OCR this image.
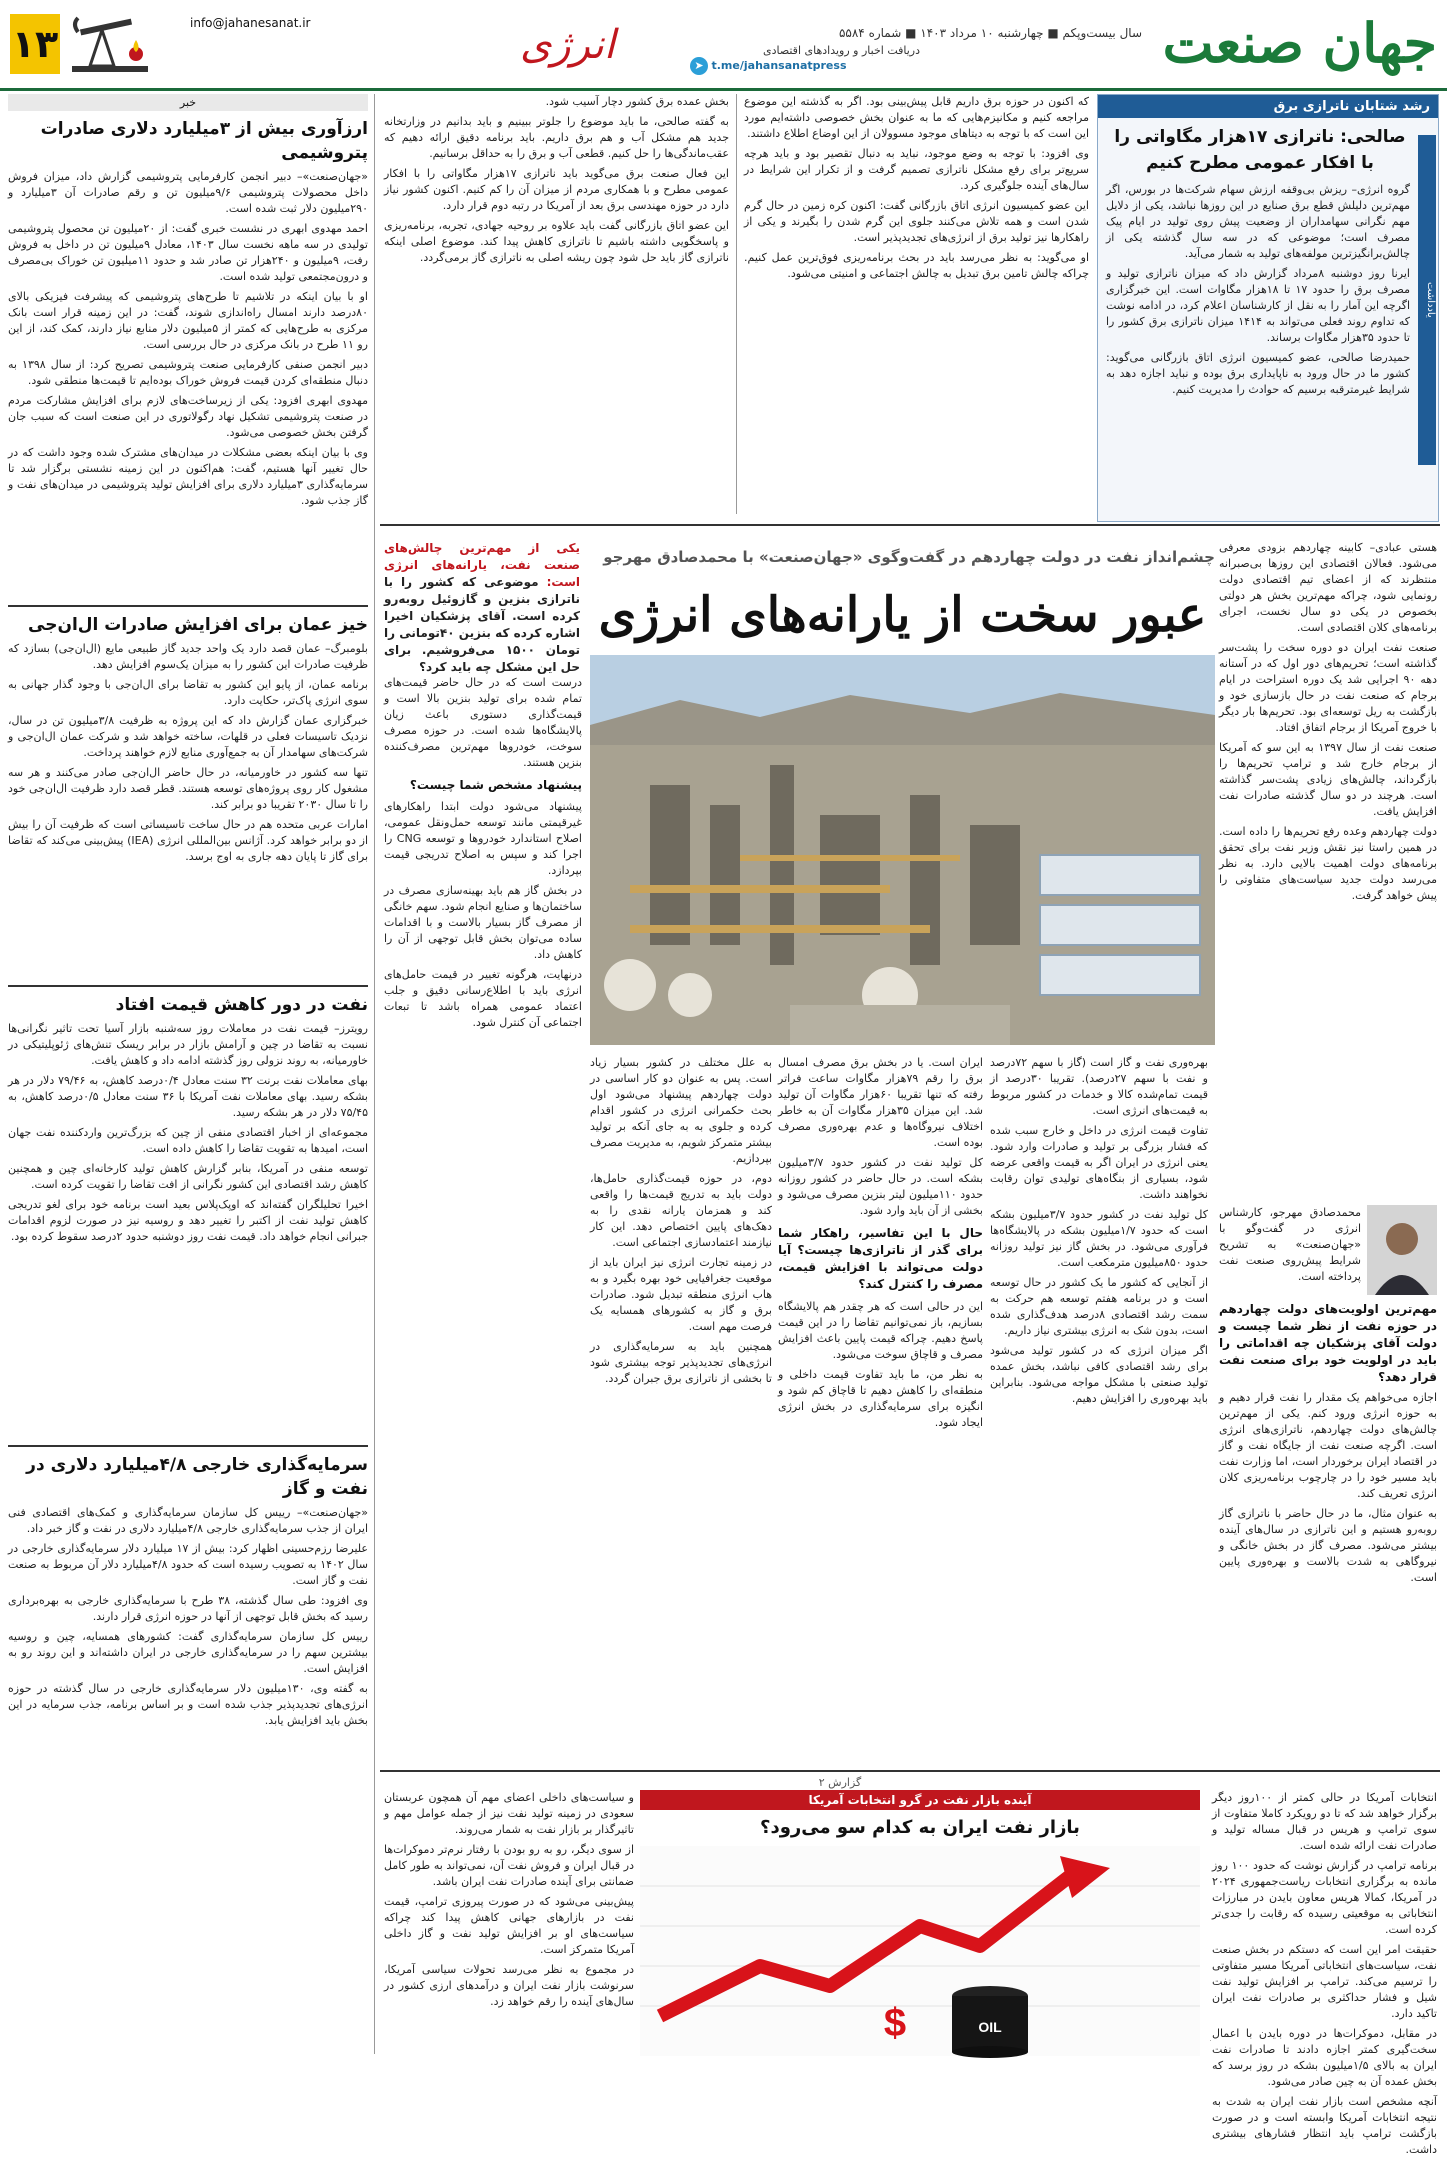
جهان صنعت
سال بیست‌وپکم ■ چهارشنبه ۱۰ مرداد ۱۴۰۳ ■ شماره ۵۵۸۴
انرژی	دریافت اخبار و رویدادهای اقتصادی
➤ t.me/jahansanatpress
info@jahanesanat.ir
۱۳
رشد شتابان ناترازی برق
صالحی: ناترازی ۱۷هزار مگاواتی را با افکار عمومی مطرح کنیم
یادداشت

گروه انرژی– ریزش بی‌وقفه ارزش سهام شرکت‌ها در بورس، اگر مهم‌ترین دلیلش قطع برق صنایع در این روزها نباشد، یکی از دلایل مهم نگرانی سهامداران از وضعیت پیش روی تولید در ایام پیک مصرف است؛ موضوعی که در سه سال گذشته یکی از چالش‌برانگیزترین مولفه‌های تولید به شمار می‌آید.

ایرنا روز دوشنبه ۸مرداد گزارش داد که میزان ناترازی تولید و مصرف برق را حدود ۱۷ تا ۱۸هزار مگاوات است. این خبرگزاری اگرچه این آمار را به نقل از کارشناسان اعلام کرد، در ادامه نوشت که تداوم روند فعلی می‌تواند به ۱۴۱۴ میزان ناترازی برق کشور را تا حدود ۳۵هزار مگاوات برساند.

حمیدرضا صالحی، عضو کمیسیون انرژی اتاق بازرگانی می‌گوید: کشور ما در حال ورود به ناپایداری برق بوده و نباید اجازه دهد به شرایط غیرمترقبه برسیم که حوادث را مدیریت کنیم.

که اکنون در حوزه برق داریم قابل پیش‌بینی بود. اگر به گذشته این موضوع مراجعه کنیم و مکانیزم‌هایی که ما به عنوان بخش خصوصی داشته‌ایم مورد این است که با توجه به دیتاهای موجود مسوولان از این اوضاع اطلاع داشتند.

وی افزود: با توجه به وضع موجود، نباید به دنبال تقصیر بود و باید هرچه سریع‌تر برای رفع مشکل ناترازی تصمیم گرفت و از تکرار این شرایط در سال‌های آینده جلوگیری کرد.

این عضو کمیسیون انرژی اتاق بازرگانی گفت: اکنون کره زمین در حال گرم شدن است و همه تلاش می‌کنند جلوی این گرم شدن را بگیرند و یکی از راهکارها نیز تولید برق از انرژی‌های تجدیدپذیر است.

او می‌گوید: به نظر می‌رسد باید در بحث برنامه‌ریزی فوق‌ترین عمل کنیم. چراکه چالش تامین برق تبدیل به چالش اجتماعی و امنیتی می‌شود.

بخش عمده برق کشور دچار آسیب شود.

به گفته صالحی، ما باید موضوع را جلوتر ببینیم و باید بدانیم در وزارتخانه جدید هم مشکل آب و هم برق داریم. باید برنامه دقیق ارائه دهیم که عقب‌ماندگی‌ها را حل کنیم. قطعی آب و برق را به حداقل برسانیم.

این فعال صنعت برق می‌گوید باید ناترازی ۱۷هزار مگاواتی را با افکار عمومی مطرح و با همکاری مردم از میزان آن را کم کنیم. اکنون کشور نیاز دارد در حوزه مهندسی برق بعد از آمریکا در رتبه دوم قرار دارد.

این عضو اتاق بازرگانی گفت باید علاوه بر روحیه جهادی، تجربه، برنامه‌ریزی و پاسخگویی داشته باشیم تا ناترازی کاهش پیدا کند. موضوع اصلی اینکه ناترازی گاز باید حل شود چون ریشه اصلی به ناترازی گاز برمی‌گردد.

خبر
ارزآوری بیش از ۳میلیارد دلاری صادرات پتروشیمی

«جهان‌صنعت»– دبیر انجمن کارفرمایی پتروشیمی گزارش داد، میزان فروش داخل محصولات پتروشیمی ۹/۶میلیون تن و رقم صادرات آن ۳میلیارد و ۲۹۰میلیون دلار ثبت شده است.

احمد مهدوی ابهری در نشست خبری گفت: از ۲۰میلیون تن محصول پتروشیمی تولیدی در سه ماهه نخست سال ۱۴۰۳، معادل ۹میلیون تن در داخل به فروش رفت، ۹میلیون و ۲۴۰هزار تن صادر شد و حدود ۱۱میلیون تن خوراک بی‌مصرف و درون‌مجتمعی تولید شده است.

او با بیان اینکه در تلاشیم تا طرح‌های پتروشیمی که پیشرفت فیزیکی بالای ۸۰درصد دارند امسال راه‌اندازی شوند، گفت: در این زمینه قرار است بانک مرکزی به طرح‌هایی که کمتر از ۵میلیون دلار منابع نیاز دارند، کمک کند، از این رو ۱۱ طرح در بانک مرکزی در حال بررسی است.

دبیر انجمن صنفی کارفرمایی صنعت پتروشیمی تصریح کرد: از سال ۱۳۹۸ به دنبال منطقه‌ای کردن قیمت فروش خوراک بوده‌ایم تا قیمت‌ها منطقی شود.

مهدوی ابهری افزود: یکی از زیرساخت‌های لازم برای افزایش مشارکت مردم در صنعت پتروشیمی تشکیل نهاد رگولاتوری در این صنعت است که سبب جان گرفتن بخش خصوصی می‌شود.

وی با بیان اینکه بعضی مشکلات در میدان‌های مشترک شده وجود داشت که در حال تغییر آنها هستیم، گفت: هم‌اکنون در این زمینه نشستی برگزار شد تا سرمایه‌گذاری ۳میلیارد دلاری برای افزایش تولید پتروشیمی در میدان‌های نفت و گاز جذب شود.

خیز عمان برای افزایش صادرات ال‌ان‌جی

بلومبرگ– عمان قصد دارد یک واحد جدید گاز طبیعی مایع (ال‌ان‌جی) بسازد که ظرفیت صادرات این کشور را به میزان یک‌سوم افزایش دهد.

برنامه عمان، از پایو این کشور به تقاضا برای ال‌ان‌جی با وجود گذار جهانی به سوی انرژی پاک‌تر، حکایت دارد.

خبرگزاری عمان گزارش داد که این پروژه به ظرفیت ۳/۸میلیون تن در سال، نزدیک تاسیسات فعلی در قلهات، ساخته خواهد شد و شرکت عمان ال‌ان‌جی و شرکت‌های سهامدار آن به جمع‌آوری منابع لازم خواهند پرداخت.

تنها سه کشور در خاورمیانه، در حال حاضر ال‌ان‌جی صادر می‌کنند و هر سه مشغول کار روی پروژه‌های توسعه هستند. قطر قصد دارد ظرفیت ال‌ان‌جی خود را تا سال ۲۰۳۰ تقریبا دو برابر کند.

امارات عربی متحده هم در حال ساخت تاسیساتی است که ظرفیت آن را بیش از دو برابر خواهد کرد. آژانس بین‌المللی انرژی (IEA) پیش‌بینی می‌کند که تقاضا برای گاز تا پایان دهه جاری به اوج برسد.

نفت در دور کاهش قیمت افتاد

رویترز– قیمت نفت در معاملات روز سه‌شنبه بازار آسیا تحت تاثیر نگرانی‌ها نسبت به تقاضا در چین و آرامش بازار در برابر ریسک تنش‌های ژئوپلیتیکی در خاورمیانه، به روند نزولی روز گذشته ادامه داد و کاهش یافت.

بهای معاملات نفت برنت ۳۲ سنت معادل ۰/۴درصد کاهش، به ۷۹/۴۶ دلار در هر بشکه رسید. بهای معاملات نفت آمریکا با ۳۶ سنت معادل ۰/۵درصد کاهش، به ۷۵/۴۵ دلار در هر بشکه رسید.

مجموعه‌ای از اخبار اقتصادی منفی از چین که بزرگ‌ترین واردکننده نفت جهان است، امیدها به تقویت تقاضا را کاهش داده است.

توسعه منفی در آمریکا، بنابر گزارش کاهش تولید کارخانه‌ای چین و همچنین کاهش رشد اقتصادی این کشور نگرانی از افت تقاضا را تقویت کرده است.

اخیرا تحلیلگران گفته‌اند که اوپک‌پلاس بعید است برنامه خود برای لغو تدریجی کاهش تولید نفت از اکتبر را تغییر دهد و روسیه نیز در صورت لزوم اقدامات جبرانی انجام خواهد داد. قیمت نفت روز دوشنبه حدود ۲درصد سقوط کرده بود.

سرمایه‌گذاری خارجی ۴/۸میلیارد دلاری در نفت و گاز

«جهان‌صنعت»– رییس کل سازمان سرمایه‌گذاری و کمک‌های اقتصادی فنی ایران از جذب سرمایه‌گذاری خارجی ۴/۸میلیارد دلاری در نفت و گاز خبر داد.

علیرضا رزم‌حسینی اظهار کرد: بیش از ۱۷ میلیارد دلار سرمایه‌گذاری خارجی در سال ۱۴۰۲ به تصویب رسیده است که حدود ۴/۸میلیارد دلار آن مربوط به صنعت نفت و گاز است.

وی افزود: طی سال گذشته، ۳۸ طرح با سرمایه‌گذاری خارجی به بهره‌برداری رسید که بخش قابل توجهی از آنها در حوزه انرژی قرار دارند.

رییس کل سازمان سرمایه‌گذاری گفت: کشورهای همسایه، چین و روسیه بیشترین سهم را در سرمایه‌گذاری خارجی در ایران داشته‌اند و این روند رو به افزایش است.

به گفته وی، ۱۳۰میلیون دلار سرمایه‌گذاری خارجی در سال گذشته در حوزه انرژی‌های تجدیدپذیر جذب شده است و بر اساس برنامه، جذب سرمایه در این بخش باید افزایش یابد.

چشم‌انداز نفت در دولت چهاردهم در گفت‌وگوی «جهان‌صنعت» با محمدصادق مهرجو
عبور سخت از یارانه‌های انرژی
یکی از مهم‌ترین چالش‌های صنعت نفت، یارانه‌های انرژی است: موضوعی که کشور را با ناترازی بنزین و گازوئیل روبه‌رو کرده است. آقای پزشکیان اخیرا اشاره کرده که بنزین ۴۰تومانی را تومان ۱۵۰۰ می‌فروشیم. برای حل این مشکل چه باید کرد؟

هستی عبادی– کابینه چهاردهم بزودی معرفی می‌شود. فعالان اقتصادی این روزها بی‌صبرانه منتظرند که از اعضای تیم اقتصادی دولت رونمایی شود، چراکه مهم‌ترین بخش هر دولتی بخصوص در یکی دو سال نخست، اجرای برنامه‌های کلان اقتصادی است.

صنعت نفت ایران دو دوره سخت را پشت‌سر گذاشته است؛ تحریم‌های دور اول که در آستانه دهه ۹۰ اجرایی شد یک دوره استراحت در ایام برجام که صنعت نفت در حال بازسازی خود و بازگشت به ریل توسعه‌ای بود. تحریم‌ها بار دیگر با خروج آمریکا از برجام اتفاق افتاد.

صنعت نفت از سال ۱۳۹۷ به این سو که آمریکا از برجام خارج شد و ترامپ تحریم‌ها را بازگرداند، چالش‌های زیادی پشت‌سر گذاشته است. هرچند در دو سال گذشته صادرات نفت افزایش یافت.

دولت چهاردهم وعده رفع تحریم‌ها را داده است. در همین راستا نیز نقش وزیر نفت برای تحقق برنامه‌های دولت اهمیت بالایی دارد. به نظر می‌رسد دولت جدید سیاست‌های متفاوتی را پیش خواهد گرفت.

محمدصادق مهرجو، کارشناس انرژی در گفت‌وگو با «جهان‌صنعت» به تشریح شرایط پیش‌روی صنعت نفت پرداخته است.
مهم‌ترین اولویت‌های دولت چهاردهم در حوزه نفت از نظر شما چیست و دولت آقای پزشکیان چه اقداماتی را باید در اولویت خود برای صنعت نفت قرار دهد؟

اجازه می‌خواهم یک مقدار را نفت قرار دهیم و به حوزه انرژی ورود کنم. یکی از مهم‌ترین چالش‌های دولت چهاردهم، ناترازی‌های انرژی است. اگرچه صنعت نفت از جایگاه نفت و گاز در اقتصاد ایران برخوردار است، اما وزارت نفت باید مسیر خود را در چارچوب برنامه‌ریزی کلان انرژی تعریف کند.

به عنوان مثال، ما در حال حاضر با ناترازی گاز روبه‌رو هستیم و این ناترازی در سال‌های آینده بیشتر می‌شود. مصرف گاز در بخش خانگی و نیروگاهی به شدت بالاست و بهره‌وری پایین است.

بهره‌وری نفت و گاز است (گاز با سهم ۷۲درصد و نفت با سهم ۲۷درصد). تقریبا ۳۰درصد از قیمت تمام‌شده کالا و خدمات در کشور مربوط به قیمت‌های انرژی است.

تفاوت قیمت انرژی در داخل و خارج سبب شده که فشار بزرگی بر تولید و صادرات وارد شود. یعنی انرژی در ایران اگر به قیمت واقعی عرضه شود، بسیاری از بنگاه‌های تولیدی توان رقابت نخواهند داشت.

کل تولید نفت در کشور حدود ۳/۷میلیون بشکه است که حدود ۱/۷میلیون بشکه در پالایشگاه‌ها فرآوری می‌شود. در بخش گاز نیز تولید روزانه حدود ۸۵۰میلیون مترمکعب است.

از آنجایی که کشور ما یک کشور در حال توسعه است و در برنامه هفتم توسعه هم حرکت به سمت رشد اقتصادی ۸درصد هدف‌گذاری شده است، بدون شک به انرژی بیشتری نیاز داریم.

اگر میزان انرژی که در کشور تولید می‌شود برای رشد اقتصادی کافی نباشد، بخش عمده تولید صنعتی با مشکل مواجه می‌شود. بنابراین باید بهره‌وری را افزایش دهیم.

ایران است. یا در بخش برق مصرف امسال برق را رقم ۷۹هزار مگاوات ساعت فراتر رفته که تنها تقریبا ۶۰هزار مگاوات آن تولید شد. این میزان ۳۵هزار مگاوات آن به خاطر اختلاف نیروگاه‌ها و عدم بهره‌وری مصرف بوده است.

کل تولید نفت در کشور حدود ۳/۷میلیون بشکه است. در حال حاضر در کشور روزانه حدود ۱۱۰میلیون لیتر بنزین مصرف می‌شود و بخشی از آن باید وارد شود.

حال با این تفاسیر، راهکار شما برای گذر از ناترازی‌ها چیست؟ آیا دولت می‌تواند با افزایش قیمت، مصرف را کنترل کند؟

این در حالی است که هر چقدر هم پالایشگاه بسازیم، باز نمی‌توانیم تقاضا را در این قیمت پاسخ دهیم. چراکه قیمت پایین باعث افزایش مصرف و قاچاق سوخت می‌شود.

به نظر من، ما باید تفاوت قیمت داخلی و منطقه‌ای را کاهش دهیم تا قاچاق کم شود و انگیزه برای سرمایه‌گذاری در بخش انرژی ایجاد شود.

به علل مختلف در کشور بسیار زیاد است. پس به عنوان دو کار اساسی در دولت چهاردهم پیشنهاد می‌شود اول بحث حکمرانی انرژی در کشور اقدام کرده و جلوی به به جای آنکه بر تولید بیشتر متمرکز شویم، به مدیریت مصرف بپردازیم.

دوم، در حوزه قیمت‌گذاری حامل‌ها، دولت باید به تدریج قیمت‌ها را واقعی کند و همزمان یارانه نقدی را به دهک‌های پایین اختصاص دهد. این کار نیازمند اعتمادسازی اجتماعی است.

در زمینه تجارت انرژی نیز ایران باید از موقعیت جغرافیایی خود بهره بگیرد و به هاب انرژی منطقه تبدیل شود. صادرات برق و گاز به کشورهای همسایه یک فرصت مهم است.

همچنین باید به سرمایه‌گذاری در انرژی‌های تجدیدپذیر توجه بیشتری شود تا بخشی از ناترازی برق جبران گردد.

درست است که در حال حاضر قیمت‌های تمام شده برای تولید بنزین بالا است و قیمت‌گذاری دستوری باعث زیان پالایشگاه‌ها شده است. در حوزه مصرف سوخت، خودروها مهم‌ترین مصرف‌کننده بنزین هستند.

پیشنهاد مشخص شما چیست؟

پیشنهاد می‌شود دولت ابتدا راهکارهای غیرقیمتی مانند توسعه حمل‌ونقل عمومی، اصلاح استاندارد خودروها و توسعه CNG را اجرا کند و سپس به اصلاح تدریجی قیمت بپردازد.

در بخش گاز هم باید بهینه‌سازی مصرف در ساختمان‌ها و صنایع انجام شود. سهم خانگی از مصرف گاز بسیار بالاست و با اقدامات ساده می‌توان بخش قابل توجهی از آن را کاهش داد.

درنهایت، هرگونه تغییر در قیمت حامل‌های انرژی باید با اطلاع‌رسانی دقیق و جلب اعتماد عمومی همراه باشد تا تبعات اجتماعی آن کنترل شود.

گزارش ۲

انتخابات آمریکا در حالی کمتر از ۱۰۰روز دیگر برگزار خواهد شد که تا دو رویکرد کاملا متفاوت از سوی ترامپ و هریس در قبال مساله تولید و صادرات نفت ارائه شده است.

برنامه ترامپ در گزارش نوشت که حدود ۱۰۰ روز مانده به برگزاری انتخابات ریاست‌جمهوری ۲۰۲۴ در آمریکا، کمالا هریس معاون بایدن در مبارزات انتخاباتی به موقعیتی رسیده که رقابت را جدی‌تر کرده است.

حقیقت امر این است که دستکم در بخش صنعت نفت، سیاست‌های انتخاباتی آمریکا مسیر متفاوتی را ترسیم می‌کند. ترامپ بر افزایش تولید نفت شیل و فشار حداکثری بر صادرات نفت ایران تاکید دارد.

در مقابل، دموکرات‌ها در دوره بایدن با اعمال سخت‌گیری کمتر اجازه دادند تا صادرات نفت ایران به بالای ۱/۵میلیون بشکه در روز برسد که بخش عمده آن به چین صادر می‌شود.

آنچه مشخص است بازار نفت ایران به شدت به نتیجه انتخابات آمریکا وابسته است و در صورت بازگشت ترامپ باید انتظار فشارهای بیشتری داشت.

آینده بازار نفت در گرو انتخابات آمریکا
بازار نفت ایران به کدام سو می‌رود؟
OIL
$

و سیاست‌های داخلی اعضای مهم آن همچون عربستان سعودی در زمینه تولید نفت نیز از جمله عوامل مهم و تاثیرگذار بر بازار نفت به شمار می‌روند.

از سوی دیگر، رو به رو بودن با رفتار نرم‌تر دموکرات‌ها در قبال ایران و فروش نفت آن، نمی‌تواند به طور کامل ضمانتی برای آینده صادرات نفت ایران باشد.

پیش‌بینی می‌شود که در صورت پیروزی ترامپ، قیمت نفت در بازارهای جهانی کاهش پیدا کند چراکه سیاست‌های او بر افزایش تولید نفت و گاز داخلی آمریکا متمرکز است.

در مجموع به نظر می‌رسد تحولات سیاسی آمریکا، سرنوشت بازار نفت ایران و درآمدهای ارزی کشور در سال‌های آینده را رقم خواهد زد.

آینده کر
